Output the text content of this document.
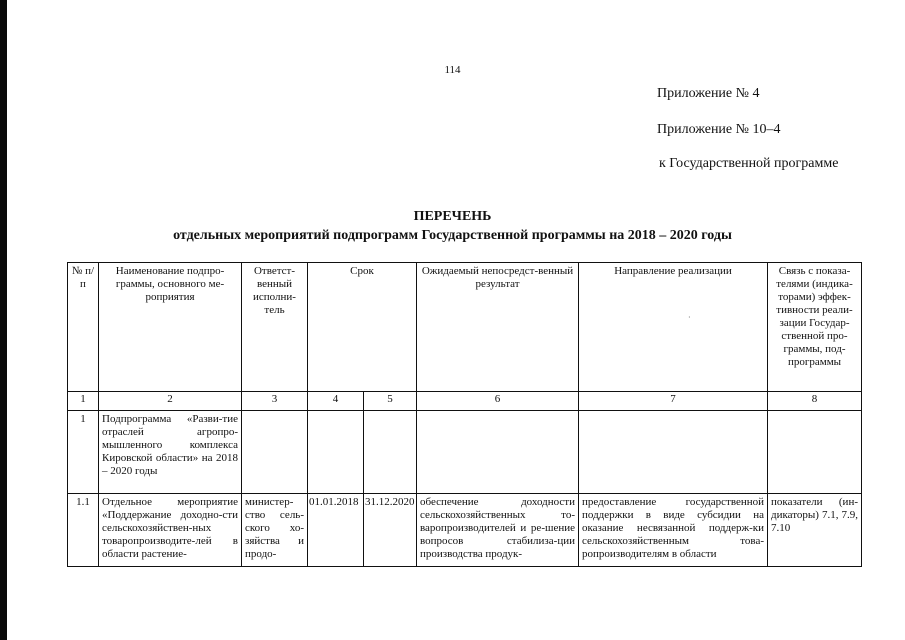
114
Приложение № 4
Приложение № 10–4
к Государственной программе
ПЕРЕЧЕНЬ
отдельных мероприятий подпрограмм Государственной программы на 2018 – 2020 годы
·
№ п/п	Наименование подпро-граммы, основного ме-роприятия	Ответст-венный исполни-тель	Срок		Ожидаемый непосредст-венный результат	Направление реализации	Связь с показа-телями (индика-торами) эффек-тивности реали-зации Государ-ственной про-граммы, под-программы
1	2	3	4	5	6	7	8
1	Подпрограмма «Разви-тие отраслей агропро-мышленного комплекса Кировской области» на 2018 – 2020 годы						
1.1	Отдельное мероприятие «Поддержание доходно-сти сельскохозяйствен-ных товаропроизводите-лей в области растение-	министер-ство сель-ского хо-зяйства и продо-	01.01.2018	31.12.2020	обеспечение доходности сельскохозяйственных то-варопроизводителей и ре-шение вопросов стабилиза-ции производства продук-	предоставление государственной поддержки в виде субсидии на оказание несвязанной поддерж-ки сельскохозяйственным това-ропроизводителям в области	показатели (ин-дикаторы) 7.1, 7.9, 7.10
